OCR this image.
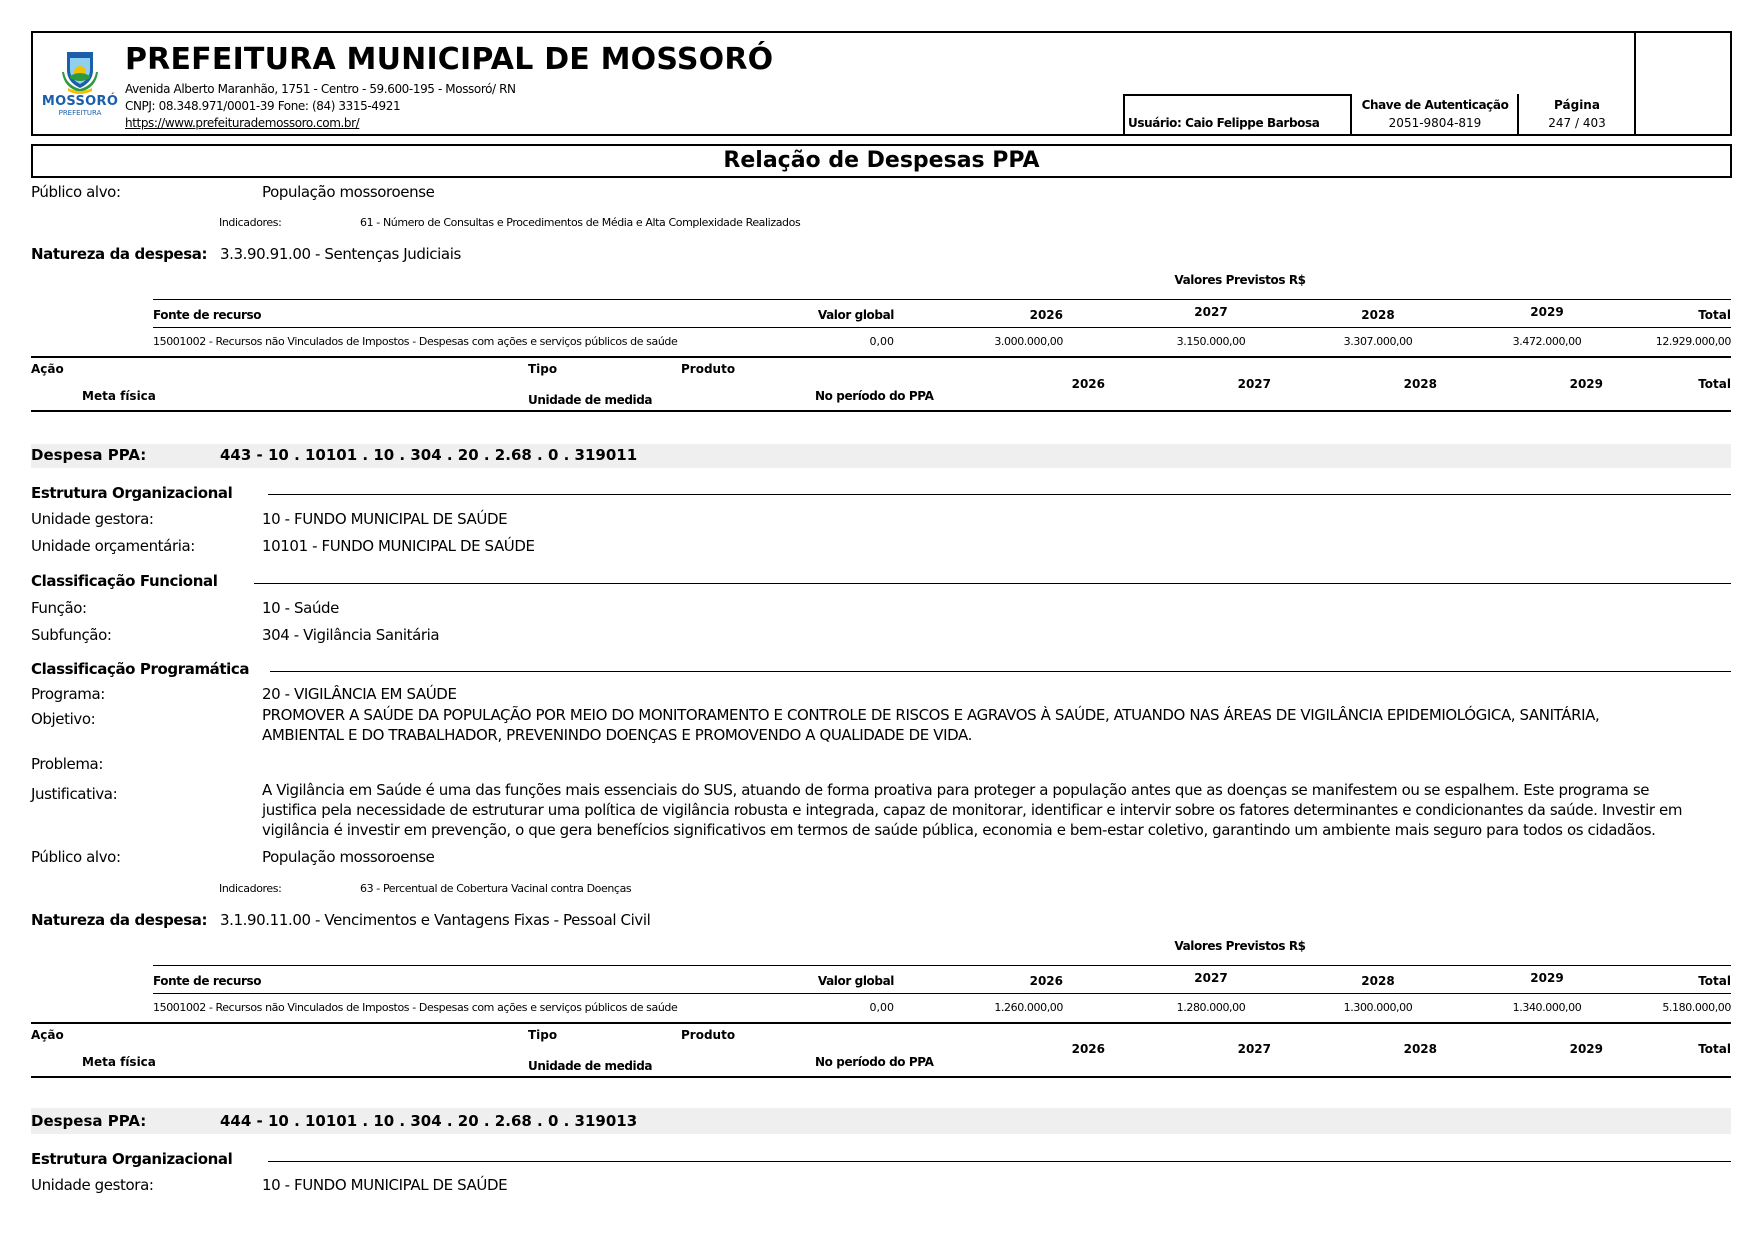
MOSSORÓ
PREFEITURA
PREFEITURA MUNICIPAL DE MOSSORÓ
Avenida Alberto Maranhão, 1751 - Centro - 59.600-195 - Mossoró/ RN
CNPJ: 08.348.971/0001-39 Fone: (84) 3315-4921
https://www.prefeiturademossoro.com.br/	Usuário: Caio Felippe Barbosa
Chave de Autenticação
2051-9804-819
Página
247 / 403
Relação de Despesas PPA
Público alvo:	População mossoroense
Indicadores:	61 - Número de Consultas e Procedimentos de Média e Alta Complexidade Realizados
Natureza da despesa: 3.3.90.91.00 - Sentenças Judiciais
Valores Previstos R$
Fonte de recurso	Valor global	2026	2027	2028	2029	Total
15001002 - Recursos não Vinculados de Impostos - Despesas com ações e serviços públicos de saúde	0,00	3.000.000,00	3.150.000,00	3.307.000,00	3.472.000,00	12.929.000,00
Ação	Tipo	Produto
Meta física	Unidade de medida	No período do PPA
2026	2027	2028	2029	Total
Despesa PPA:	443 - 10 . 10101 . 10 . 304 . 20 . 2.68 . 0 . 319011
Estrutura Organizacional
Unidade gestora:	10 - FUNDO MUNICIPAL DE SAÚDE
Unidade orçamentária:	10101 - FUNDO MUNICIPAL DE SAÚDE
Classificação Funcional
Função:	10 - Saúde
Subfunção:	304 - Vigilância Sanitária
Classificação Programática
Programa:	20 - VIGILÂNCIA EM SAÚDE
Objetivo:	PROMOVER A SAÚDE DA POPULAÇÃO POR MEIO DO MONITORAMENTO E CONTROLE DE RISCOS E AGRAVOS À SAÚDE, ATUANDO NAS ÁREAS DE VIGILÂNCIA EPIDEMIOLÓGICA, SANITÁRIA,
AMBIENTAL E DO TRABALHADOR, PREVENINDO DOENÇAS E PROMOVENDO A QUALIDADE DE VIDA.
Problema:
Justificativa:	A Vigilância em Saúde é uma das funções mais essenciais do SUS, atuando de forma proativa para proteger a população antes que as doenças se manifestem ou se espalhem. Este programa se
justifica pela necessidade de estruturar uma política de vigilância robusta e integrada, capaz de monitorar, identificar e intervir sobre os fatores determinantes e condicionantes da saúde. Investir em
vigilância é investir em prevenção, o que gera benefícios significativos em termos de saúde pública, economia e bem-estar coletivo, garantindo um ambiente mais seguro para todos os cidadãos.
Público alvo:	População mossoroense
Indicadores:	63 - Percentual de Cobertura Vacinal contra Doenças
Natureza da despesa: 3.1.90.11.00 - Vencimentos e Vantagens Fixas - Pessoal Civil
Valores Previstos R$
Fonte de recurso	Valor global	2026	2027	2028	2029	Total
15001002 - Recursos não Vinculados de Impostos - Despesas com ações e serviços públicos de saúde	0,00	1.260.000,00	1.280.000,00	1.300.000,00	1.340.000,00	5.180.000,00
Ação	Tipo	Produto
Meta física	Unidade de medida	No período do PPA
2026	2027	2028	2029	Total
Despesa PPA:	444 - 10 . 10101 . 10 . 304 . 20 . 2.68 . 0 . 319013
Estrutura Organizacional
Unidade gestora:	10 - FUNDO MUNICIPAL DE SAÚDE
